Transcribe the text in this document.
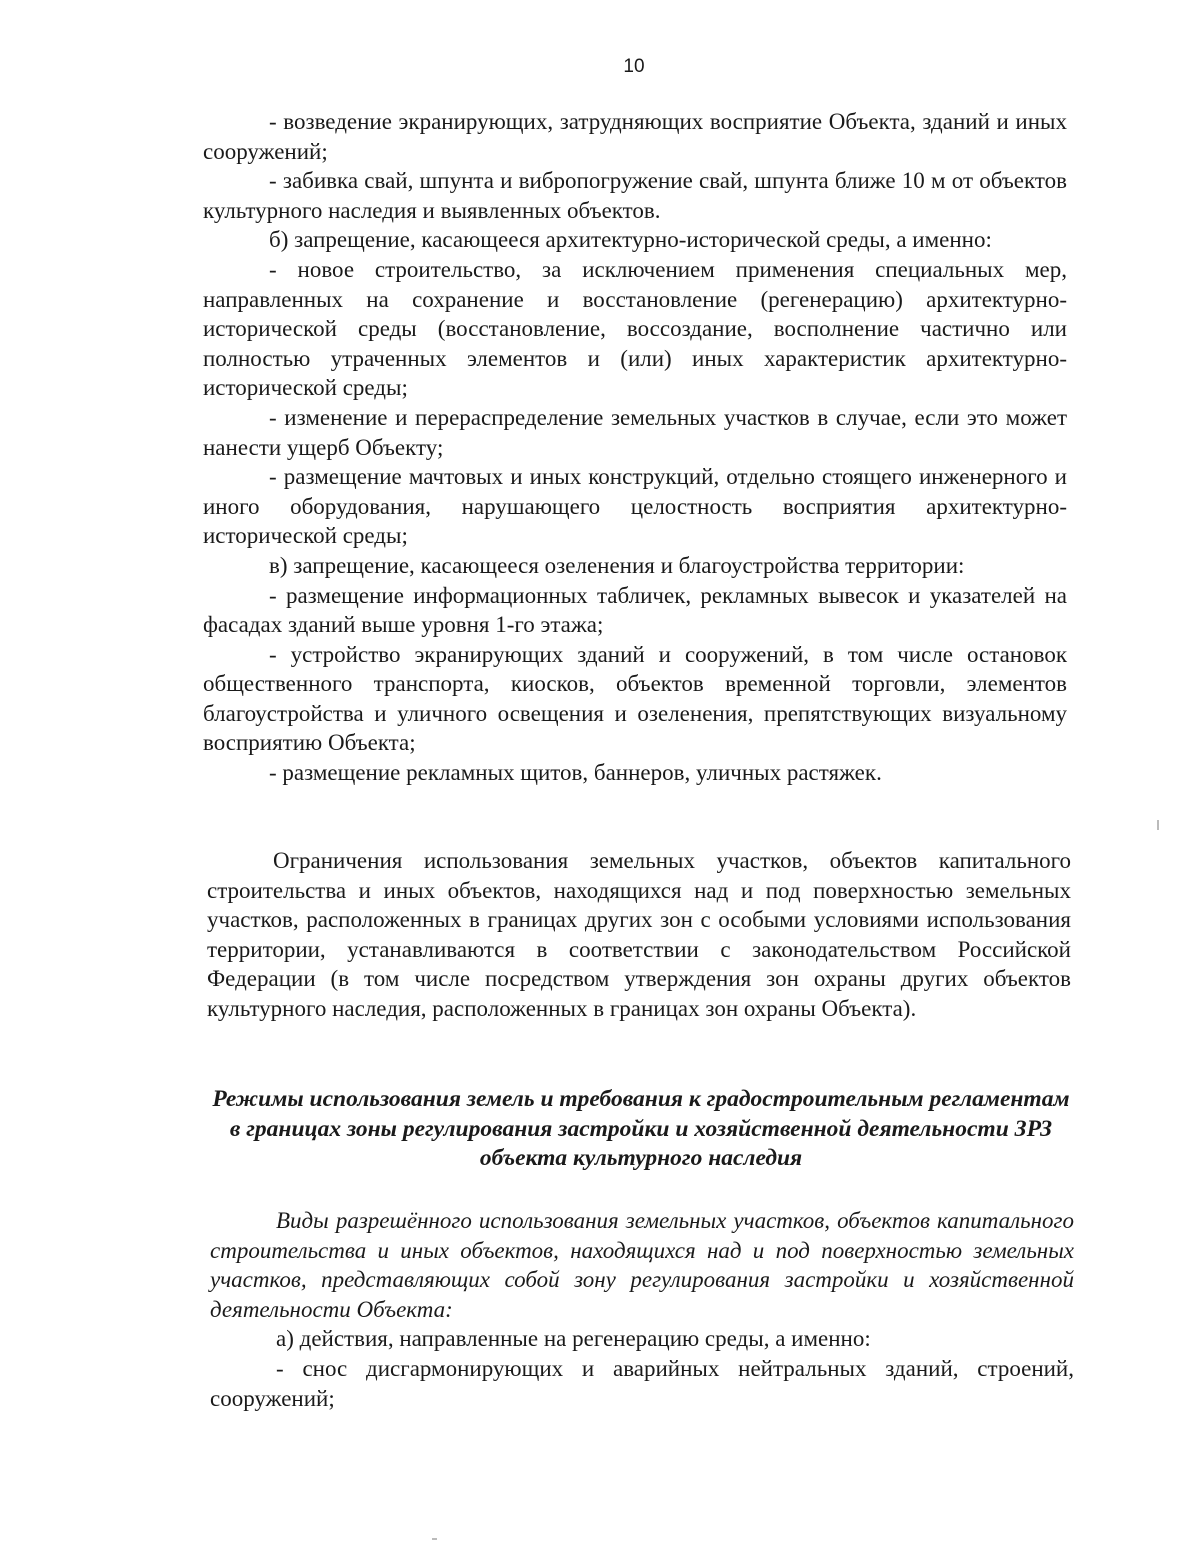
10

- возведение экранирующих, затрудняющих восприятие Объекта, зданий и иных сооружений;

- забивка свай, шпунта и вибропогружение свай, шпунта ближе 10 м от объектов культурного наследия и выявленных объектов.

б) запрещение, касающееся архитектурно-исторической среды, а именно:

- новое строительство, за исключением применения специальных мер, направленных на сохранение и восстановление (регенерацию) архитектурно-исторической среды (восстановление, воссоздание, восполнение частично или полностью утраченных элементов и (или) иных характеристик архитектурно-исторической среды;

- изменение и перераспределение земельных участков в случае, если это может нанести ущерб Объекту;

- размещение мачтовых и иных конструкций, отдельно стоящего инженерного и иного оборудования, нарушающего целостность восприятия архитектурно-исторической среды;

в) запрещение, касающееся озеленения и благоустройства территории:

- размещение информационных табличек, рекламных вывесок и указателей на фасадах зданий выше уровня 1-го этажа;

- устройство экранирующих зданий и сооружений, в том числе остановок общественного транспорта, киосков, объектов временной торговли, элементов благоустройства и уличного освещения и озеленения, препятствующих визуальному восприятию Объекта;

- размещение рекламных щитов, баннеров, уличных растяжек.

Ограничения использования земельных участков, объектов капитального строительства и иных объектов, находящихся над и под поверхностью земельных участков, расположенных в границах других зон с особыми условиями использования территории, устанавливаются в соответствии с законодательством Российской Федерации (в том числе посредством утверждения зон охраны других объектов культурного наследия, расположенных в границах зон охраны Объекта).

Режимы использования земель и требования к градостроительным регламентам в границах зоны регулирования застройки и хозяйственной деятельности ЗРЗ объекта культурного наследия

Виды разрешённого использования земельных участков, объектов капитального строительства и иных объектов, находящихся над и под поверхностью земельных участков, представляющих собой зону регулирования застройки и хозяйственной деятельности Объекта:

а) действия, направленные на регенерацию среды, а именно:

- снос дисгармонирующих и аварийных нейтральных зданий, строений, сооружений;
